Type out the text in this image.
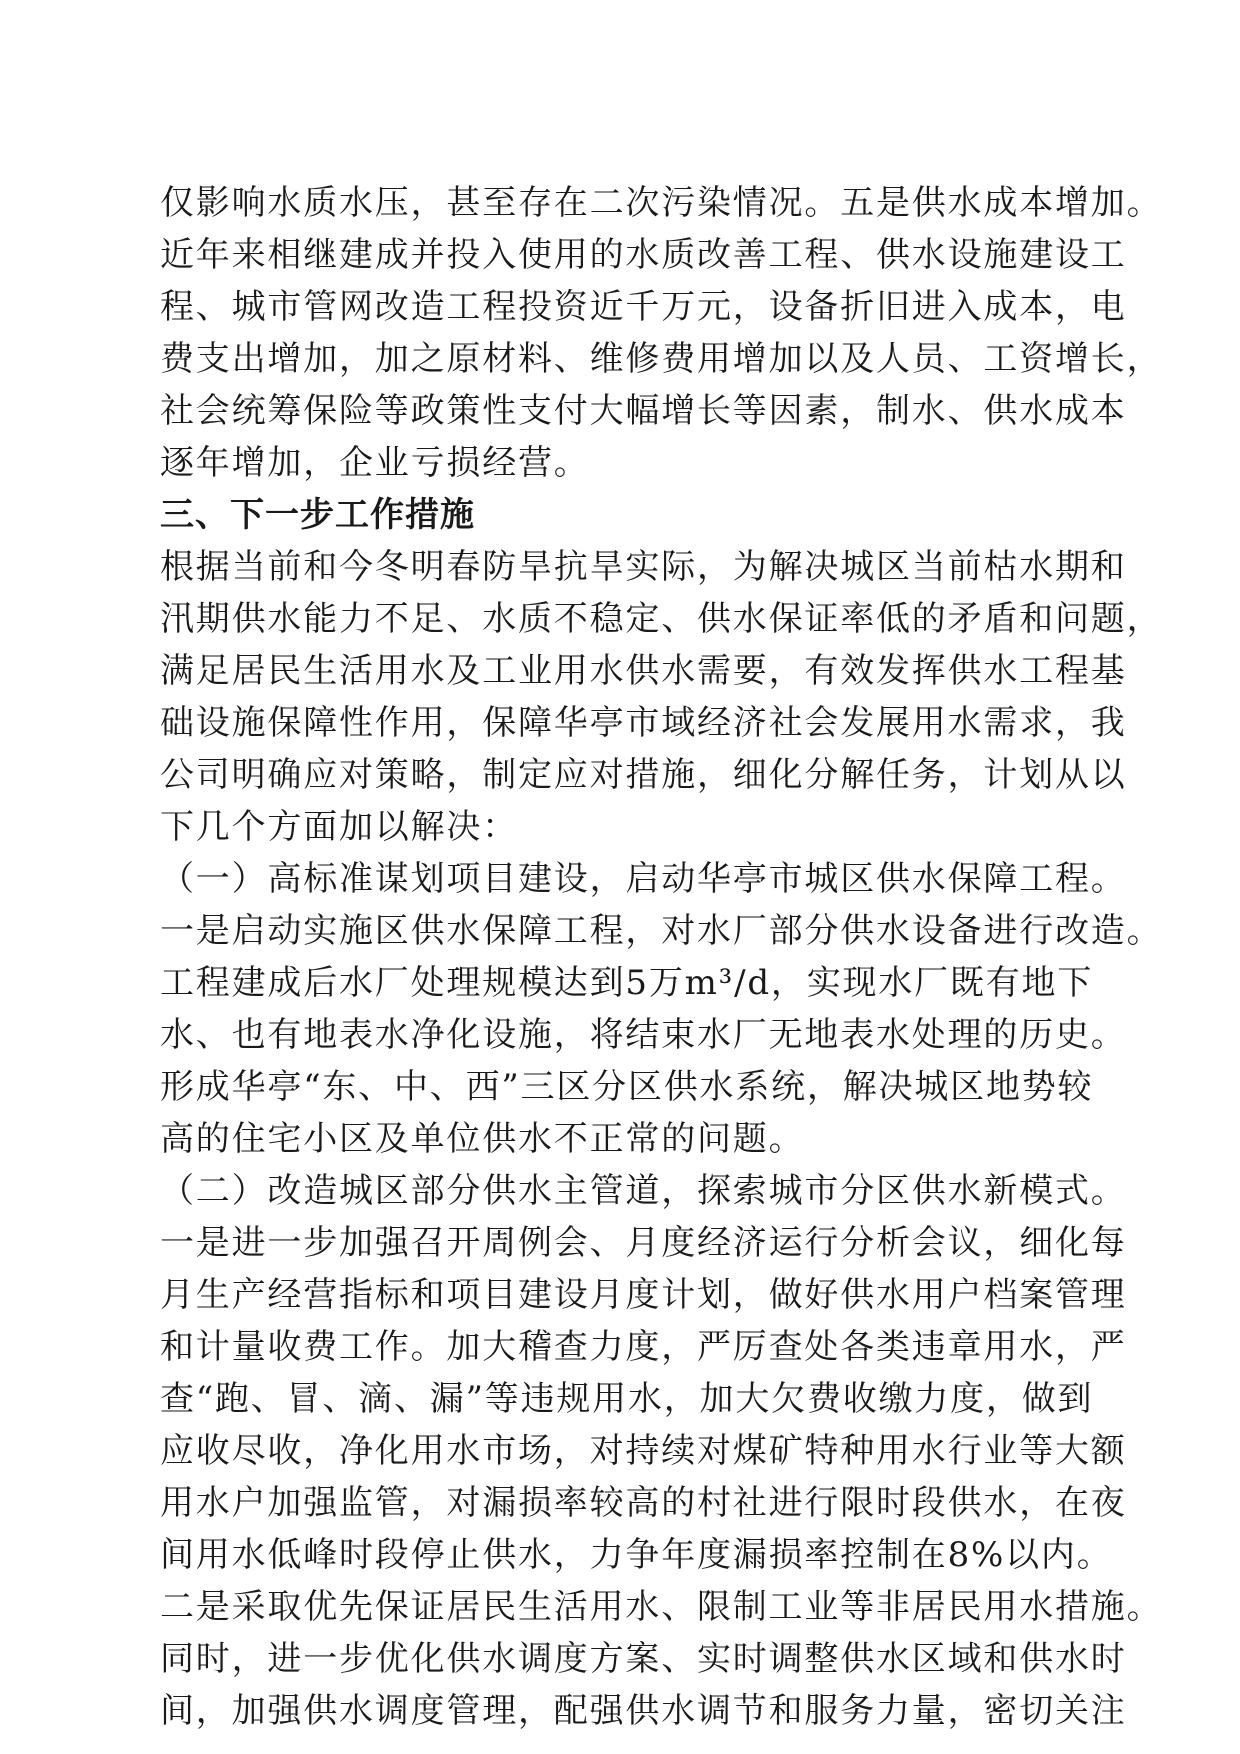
仅影响水质水压，甚至存在二次污染情况。五是供水成本增加。
近年来相继建成并投入使用的水质改善工程、供水设施建设工
程、城市管网改造工程投资近千万元，设备折旧进入成本，电
费支出增加，加之原材料、维修费用增加以及人员、工资增长，
社会统筹保险等政策性支付大幅增长等因素，制水、供水成本
逐年增加，企业亏损经营。
三、下一步工作措施
根据当前和今冬明春防旱抗旱实际，为解决城区当前枯水期和
汛期供水能力不足、水质不稳定、供水保证率低的矛盾和问题，
满足居民生活用水及工业用水供水需要，有效发挥供水工程基
础设施保障性作用，保障华亭市域经济社会发展用水需求，我
公司明确应对策略，制定应对措施，细化分解任务，计划从以
下几个方面加以解决：
（一）高标准谋划项目建设，启动华亭市城区供水保障工程。
一是启动实施区供水保障工程，对水厂部分供水设备进行改造。
工程建成后水厂处理规模达到5万m³/d，实现水厂既有地下
水、也有地表水净化设施，将结束水厂无地表水处理的历史。
形成华亭“东、中、西”三区分区供水系统，解决城区地势较
高的住宅小区及单位供水不正常的问题。
（二）改造城区部分供水主管道，探索城市分区供水新模式。
一是进一步加强召开周例会、月度经济运行分析会议，细化每
月生产经营指标和项目建设月度计划，做好供水用户档案管理
和计量收费工作。加大稽查力度，严厉查处各类违章用水，严
查“跑、冒、滴、漏”等违规用水，加大欠费收缴力度，做到
应收尽收，净化用水市场，对持续对煤矿特种用水行业等大额
用水户加强监管，对漏损率较高的村社进行限时段供水，在夜
间用水低峰时段停止供水，力争年度漏损率控制在8%以内。
二是采取优先保证居民生活用水、限制工业等非居民用水措施。
同时，进一步优化供水调度方案、实时调整供水区域和供水时
间，加强供水调度管理，配强供水调节和服务力量，密切关注
